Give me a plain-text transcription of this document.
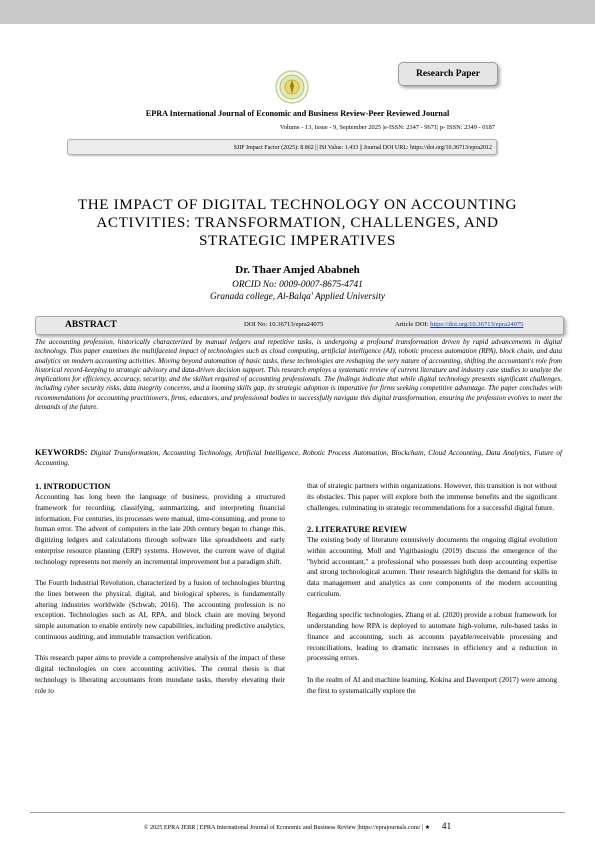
Research Paper
EPRA International Journal of Economic and Business Review-Peer Reviewed Journal
Volume - 13, Issue - 9, September 2025 |e-ISSN: 2347 - 9671| p- ISSN: 2349 - 0187
SJIF Impact Factor (2025): 8.862 || ISI Value: 1.433 || Journal DOI URL: https://doi.org/10.36713/epra2012
THE IMPACT OF DIGITAL TECHNOLOGY ON ACCOUNTING
ACTIVITIES: TRANSFORMATION, CHALLENGES, AND
STRATEGIC IMPERATIVES
Dr. Thaer Amjed Ababneh
ORCID No: 0009-0007-8675-4741
Granada college, Al-Balqa' Applied University
ABSTRACT	DOI No: 10.36713/epra24075	Article DOI: https://doi.org/10.36713/epra24075
The accounting profession, historically characterized by manual ledgers and repetitive tasks, is undergoing a profound transformation driven by rapid advancements in digital technology. This paper examines the multifaceted impact of technologies such as cloud computing, artificial intelligence (AI), robotic process automation (RPA), block chain, and data analytics on modern accounting activities. Moving beyond automation of basic tasks, these technologies are reshaping the very nature of accounting, shifting the accountant's role from historical record-keeping to strategic advisory and data-driven decision support. This research employs a systematic review of current literature and industry case studies to analyze the implications for efficiency, accuracy, security, and the skillset required of accounting professionals. The findings indicate that while digital technology presents significant challenges, including cyber security risks, data integrity concerns, and a looming skills gap, its strategic adoption is imperative for firms seeking competitive advantage. The paper concludes with recommendations for accounting practitioners, firms, educators, and professional bodies to successfully navigate this digital transformation, ensuring the profession evolves to meet the demands of the future.
KEYWORDS: Digital Transformation, Accounting Technology, Artificial Intelligence, Robotic Process Automation, Blockchain, Cloud Accounting, Data Analytics, Future of Accounting.
1. INTRODUCTION

Accounting has long been the language of business, providing a structured framework for recording, classifying, summarizing, and interpreting financial information. For centuries, its processes were manual, time-consuming, and prone to human error. The advent of computers in the late 20th century began to change this, digitizing ledgers and calculations through software like spreadsheets and early enterprise resource planning (ERP) systems. However, the current wave of digital technology represents not merely an incremental improvement but a paradigm shift.

The Fourth Industrial Revolution, characterized by a fusion of technologies blurring the lines between the physical, digital, and biological spheres, is fundamentally altering industries worldwide (Schwab, 2016). The accounting profession is no exception. Technologies such as AI, RPA, and block chain are moving beyond simple automation to enable entirely new capabilities, including predictive analytics, continuous auditing, and immutable transaction verification.

This research paper aims to provide a comprehensive analysis of the impact of these digital technologies on core accounting activities. The central thesis is that technology is liberating accountants from mundane tasks, thereby elevating their role to

that of strategic partners within organizations. However, this transition is not without its obstacles. This paper will explore both the immense benefits and the significant challenges, culminating in strategic recommendations for a successful digital future.

2. LITERATURE REVIEW

The existing body of literature extensively documents the ongoing digital evolution within accounting. Moll and Yigitbasioglu (2019) discuss the emergence of the "hybrid accountant," a professional who possesses both deep accounting expertise and strong technological acumen. Their research highlights the demand for skills in data management and analytics as core components of the modern accounting curriculum.

Regarding specific technologies, Zhang et al. (2020) provide a robust framework for understanding how RPA is deployed to automate high-volume, rule-based tasks in finance and accounting, such as accounts payable/receivable processing and reconciliations, leading to dramatic increases in efficiency and a reduction in processing errors.

In the realm of AI and machine learning, Kokina and Davenport (2017) were among the first to systematically explore the

© 2025 EPRA JEBR | EPRA International Journal of Economic and Business Review |https://eprajournals.com/ | ★ 41
